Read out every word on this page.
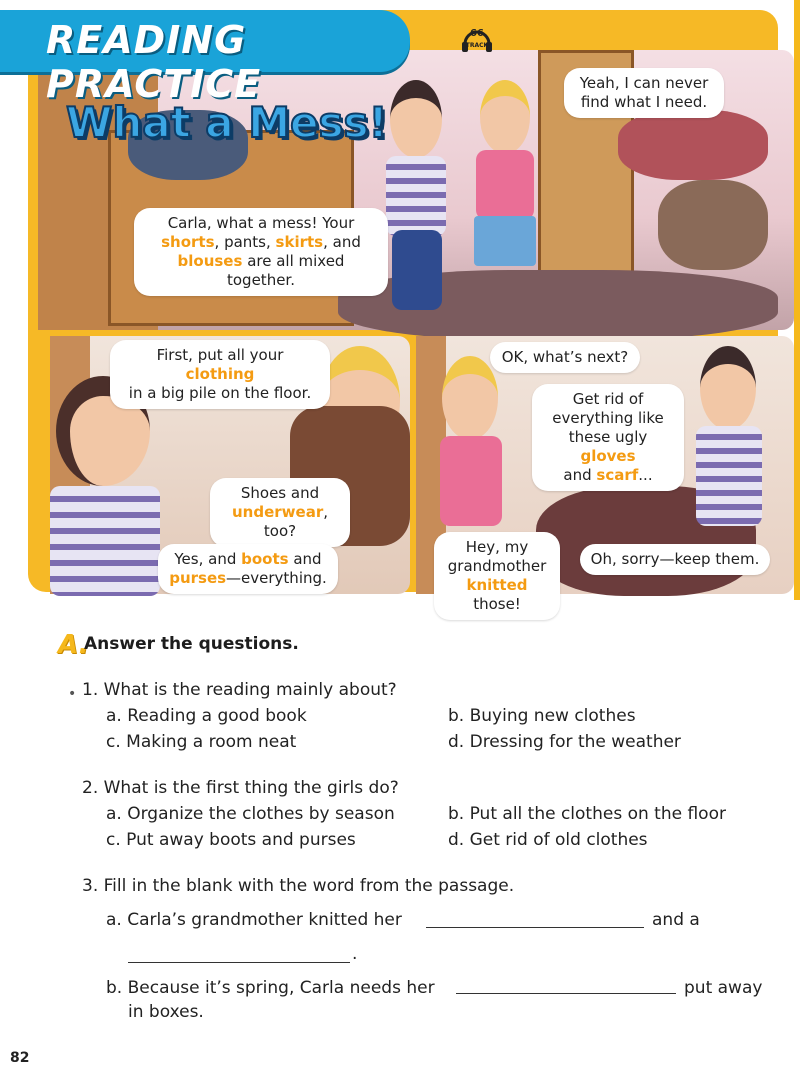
What a Mess!
Yeah, I can never
find what I need.
Carla, what a mess! Your
shorts, pants, skirts, and
blouses are all mixed together.
66
TRACK
First, put all your clothing
in a big pile on the floor.
Shoes and
underwear, too?
Yes, and boots and
purses—everything.
OK, what’s next?
Get rid of
everything like
these ugly gloves
and scarf...
Hey, my
grandmother
knitted those!
Oh, sorry—keep them.
READING PRACTICE
A.
Answer the questions.
• 1. What is the reading mainly about?
a. Reading a good book	b. Buying new clothes
c. Making a room neat	d. Dressing for the weather
2. What is the first thing the girls do?
a. Organize the clothes by season	b. Put all the clothes on the floor
c. Put away boots and purses	d. Get rid of old clothes
3. Fill in the blank with the word from the passage.
a. Carla’s grandmother knitted her	and a
.
b. Because it’s spring, Carla needs her	put away
in boxes.
82
